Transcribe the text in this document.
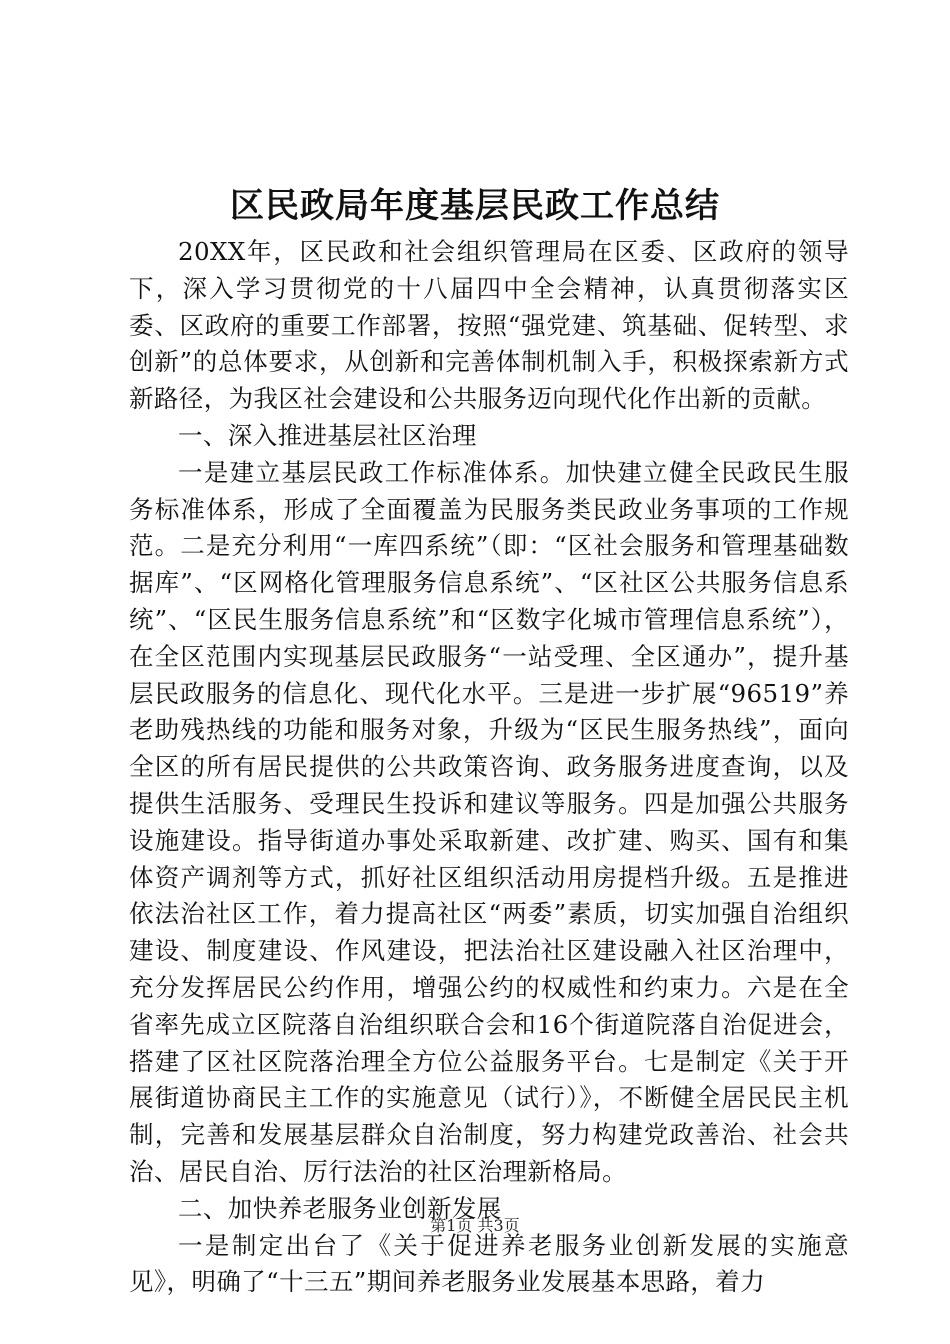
区民政局年度基层民政工作总结

20XX年，区民政和社会组织管理局在区委、区政府的领导下，深入学习贯彻党的十八届四中全会精神，认真贯彻落实区委、区政府的重要工作部署，按照“强党建、筑基础、促转型、求创新”的总体要求，从创新和完善体制机制入手，积极探索新方式新路径，为我区社会建设和公共服务迈向现代化作出新的贡献。

一、深入推进基层社区治理

一是建立基层民政工作标准体系。加快建立健全民政民生服务标准体系，形成了全面覆盖为民服务类民政业务事项的工作规范。二是充分利用“一库四系统”（即：“区社会服务和管理基础数据库”、“区网格化管理服务信息系统”、“区社区公共服务信息系统”、“区民生服务信息系统”和“区数字化城市管理信息系统”），在全区范围内实现基层民政服务“一站受理、全区通办”，提升基层民政服务的信息化、现代化水平。三是进一步扩展“96519”养老助残热线的功能和服务对象，升级为“区民生服务热线”，面向全区的所有居民提供的公共政策咨询、政务服务进度查询，以及提供生活服务、受理民生投诉和建议等服务。四是加强公共服务设施建设。指导街道办事处采取新建、改扩建、购买、国有和集体资产调剂等方式，抓好社区组织活动用房提档升级。五是推进依法治社区工作，着力提高社区“两委”素质，切实加强自治组织建设、制度建设、作风建设，把法治社区建设融入社区治理中，充分发挥居民公约作用，增强公约的权威性和约束力。六是在全省率先成立区院落自治组织联合会和16个街道院落自治促进会，搭建了区社区院落治理全方位公益服务平台。七是制定《关于开展街道协商民主工作的实施意见（试行）》，不断健全居民民主机制，完善和发展基层群众自治制度，努力构建党政善治、社会共治、居民自治、厉行法治的社区治理新格局。

二、加快养老服务业创新发展

一是制定出台了《关于促进养老服务业创新发展的实施意见》，明确了“十三五”期间养老服务业发展基本思路，着力

第1页 共3页
